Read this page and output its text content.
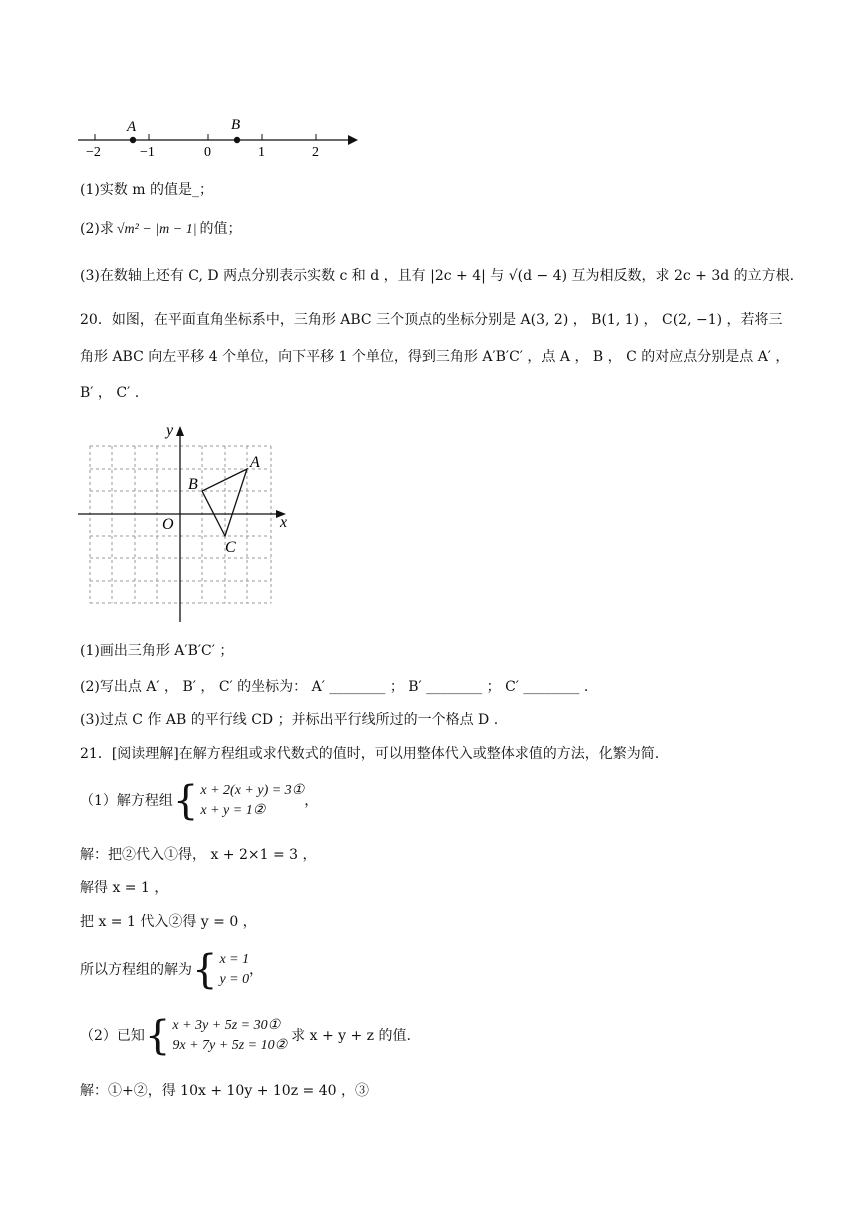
A	B
−2	−1	0	1	2
(1)实数 m 的值是_；
(2)求 √m² − |m − 1| 的值；
(3)在数轴上还有 C, D 两点分别表示实数 c 和 d ，且有 |2c + 4| 与 √(d − 4) 互为相反数，求 2c + 3d 的立方根.
20．如图，在平面直角坐标系中，三角形 ABC 三个顶点的坐标分别是 A(3, 2) ， B(1, 1) ， C(2, −1) ，若将三
角形 ABC 向左平移 4 个单位，向下平移 1 个单位，得到三角形 A′B′C′ ，点 A ， B ， C 的对应点分别是点 A′ ，
B′ ， C′ .
y
x
O
A
B
C
(1)画出三角形 A′B′C′ ；
(2)写出点 A′ ， B′ ， C′ 的坐标为： A′ ________ ； B′ ________ ； C′ ________ .
(3)过点 C 作 AB 的平行线 CD ；并标出平行线所过的一个格点 D .
21．[阅读理解]在解方程组或求代数式的值时，可以用整体代入或整体求值的方法，化繁为简.
（1）解方程组 { x + 2(x + y) = 3①
x + y = 1②
，
解：把②代入①得， x + 2×1 = 3 ，
解得 x = 1 ，
把 x = 1 代入②得 y = 0 ，
所以方程组的解为 { x = 1
y = 0
，
（2）已知 { x + 3y + 5z = 30①
9x + 7y + 5z = 10②
求 x + y + z 的值.
解：①+②，得 10x + 10y + 10z = 40 ，③
